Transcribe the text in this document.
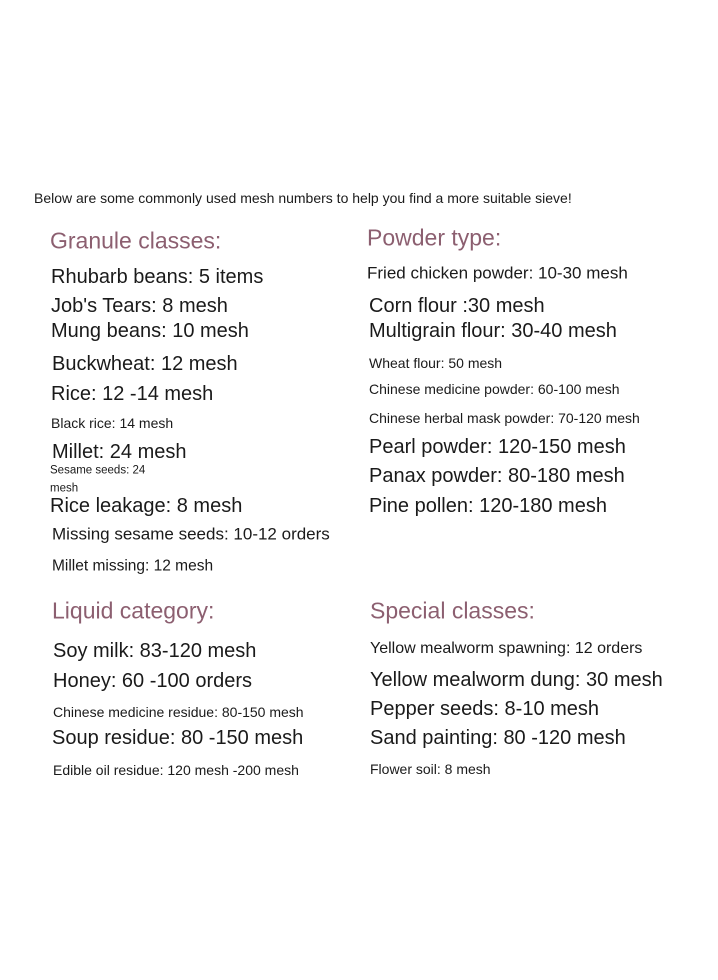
Below are some commonly used mesh numbers to help you find a more suitable sieve!
Granule classes:
Rhubarb beans: 5 items
Job's Tears: 8 mesh
Mung beans: 10 mesh
Buckwheat: 12 mesh
Rice: 12 -14 mesh
Black rice: 14 mesh
Millet: 24 mesh
Sesame seeds: 24
mesh
Rice leakage: 8 mesh
Missing sesame seeds: 10-12 orders
Millet missing: 12 mesh
Powder type:
Fried chicken powder: 10-30 mesh
Corn flour :30 mesh
Multigrain flour: 30-40 mesh
Wheat flour: 50 mesh
Chinese medicine powder: 60-100 mesh
Chinese herbal mask powder: 70-120 mesh
Pearl powder: 120-150 mesh
Panax powder: 80-180 mesh
Pine pollen: 120-180 mesh
Liquid category:
Soy milk: 83-120 mesh
Honey: 60 -100 orders
Chinese medicine residue: 80-150 mesh
Soup residue: 80 -150 mesh
Edible oil residue: 120 mesh -200 mesh
Special classes:
Yellow mealworm spawning: 12 orders
Yellow mealworm dung: 30 mesh
Pepper seeds: 8-10 mesh
Sand painting: 80 -120 mesh
Flower soil: 8 mesh
